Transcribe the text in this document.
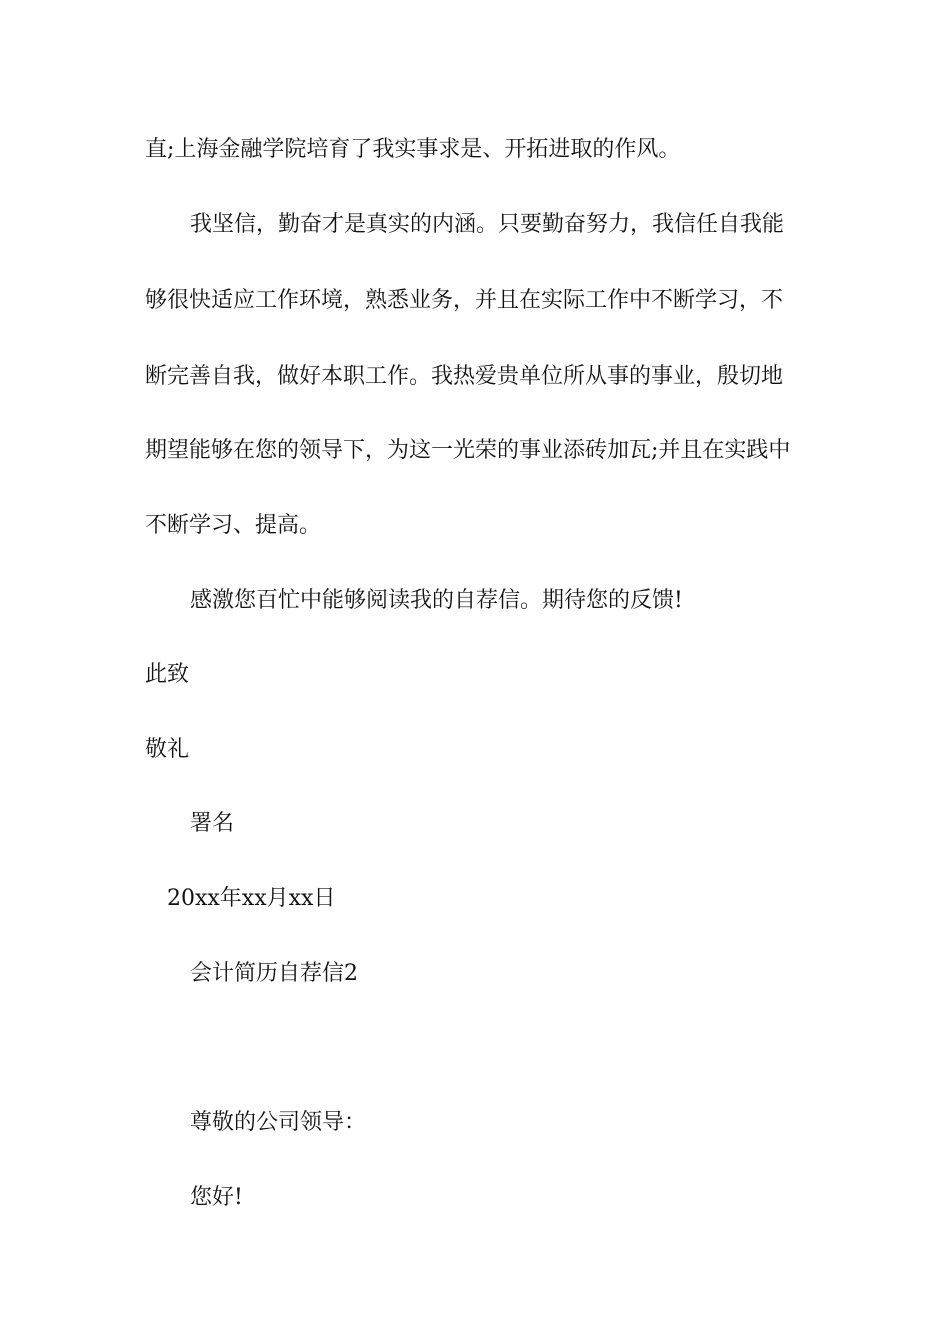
直;上海金融学院培育了我实事求是、开拓进取的作风。
我坚信，勤奋才是真实的内涵。只要勤奋努力，我信任自我能
够很快适应工作环境，熟悉业务，并且在实际工作中不断学习，不
断完善自我，做好本职工作。我热爱贵单位所从事的事业，殷切地
期望能够在您的领导下，为这一光荣的事业添砖加瓦;并且在实践中
不断学习、提高。
感激您百忙中能够阅读我的自荐信。期待您的反馈!
此致
敬礼
署名
20xx年xx月xx日
会计简历自荐信2
尊敬的公司领导：
您好!
